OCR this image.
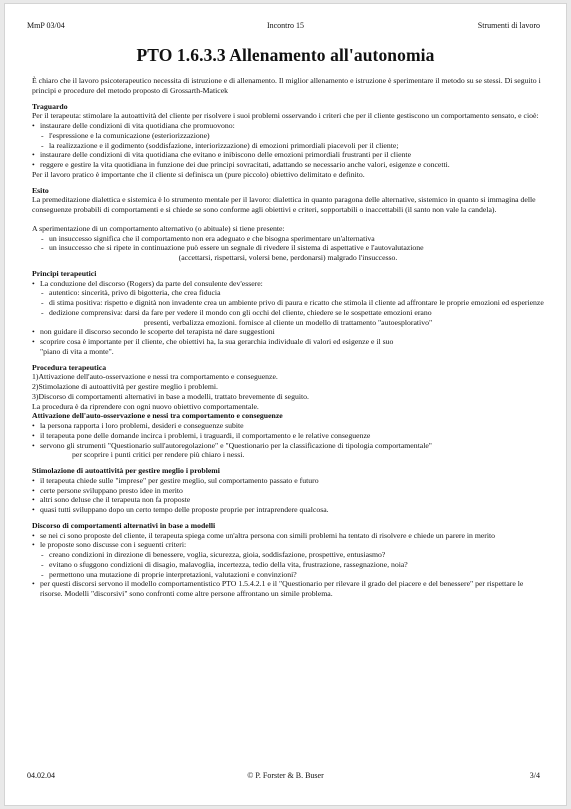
MmP 03/04	Incontro 15	Strumenti di lavoro
PTO 1.6.3.3 Allenamento all'autonomia

È chiaro che il lavoro psicoterapeutico necessita di istruzione e di allenamento. Il miglior allenamento e istruzione è sperimentare il metodo su se stessi. Di seguito i principi e procedure del metodo proposto di Grossarth-Maticek

Traguardo

Per il terapeuta: stimolare la autoattività del cliente per risolvere i suoi problemi osservando i criteri che per il cliente gestiscono un comportamento sensato, e cioè:

• instaurare delle condizioni di vita quotidiana che promuovono:

- l'espressione e la comunicazione (esteriorizzazione)

- la realizzazione e il godimento (soddisfazione, interiorizzazione) di emozioni primordiali piacevoli per il cliente;

• instaurare delle condizioni di vita quotidiana che evitano e inibiscono delle emozioni primordiali frustranti per il cliente

• reggere e gestire la vita quotidiana in funzione dei due principi sovracitati, adattando se necessario anche valori, esigenze e concetti.

Per il lavoro pratico è importante che il cliente si definisca un (pure piccolo) obiettivo delimitato e definito.

Esito

La premeditazione dialettica e sistemica è lo strumento mentale per il lavoro: dialettica in quanto paragona delle alternative, sistemico in quanto si immagina delle conseguenze probabili di comportamenti e si chiede se sono conforme agli obiettivi e criteri, sopportabili o inaccettabili (il santo non vale la candela).

A sperimentazione di un comportamento alternativo (o abituale) si tiene presente:

- un insuccesso significa che il comportamento non era adeguato e che bisogna sperimentare un'alternativa

- un insuccesso che si ripete in continuazione può essere un segnale di rivedere il sistema di aspettative e l'autovalutazione

(accettarsi, rispettarsi, volersi bene, perdonarsi) malgrado l'insuccesso.

Principi terapeutici

• La conduzione del discorso (Rogers) da parte del consulente dev'essere:

- autentico: sincerità, privo di bigotteria, che crea fiducia

- di stima positiva: rispetto e dignità non invadente crea un ambiente privo di paura e ricatto che stimola il cliente ad affrontare le proprie emozioni ed esperienze

- dedizione comprensiva: darsi da fare per vedere il mondo con gli occhi del cliente, chiedere se le sospettate emozioni erano

presenti, verbalizza emozioni. fornisce al cliente un modello di trattamento "autoesplorativo"

• non guidare il discorso secondo le scoperte del terapista né dare suggestioni

• scoprire cosa è importante per il cliente, che obiettivi ha, la sua gerarchia individuale di valori ed esigenze e il suo

"piano di vita a monte".

Procedura terapeutica

1)Attivazione dell'auto-osservazione e nessi tra comportamento e conseguenze.

2)Stimolazione di autoattività per gestire meglio i problemi.

3)Discorso di comportamenti alternativi in base a modelli, trattato brevemente di seguito.

La procedura è da riprendere con ogni nuovo obiettivo comportamentale.

Attivazione dell'auto-osservazione e nessi tra comportamento e conseguenze

• la persona rapporta i loro problemi, desideri e conseguenze subite

• il terapeuta pone delle domande incirca i problemi, i traguardi, il comportamento e le relative conseguenze

• servono gli strumenti "Questionario sull'autoregolazione" e "Questionario per la classificazione di tipologia comportamentale"

per scoprire i punti critici per rendere più chiaro i nessi.

Stimolazione di autoattività per gestire meglio i problemi

• il terapeuta chiede sulle "imprese" per gestire meglio, sul comportamento passato e futuro

• certe persone sviluppano presto idee in merito

• altri sono deluse che il terapeuta non fa proposte

• quasi tutti sviluppano dopo un certo tempo delle proposte proprie per intraprendere qualcosa.

Discorso di comportamenti alternativi in base a modelli

• se nei ci sono proposte del cliente, il terapeuta spiega come un'altra persona con simili problemi ha tentato di risolvere e chiede un parere in merito

• le proposte sono discusse con i seguenti criteri:

- creano condizioni in direzione di benessere, voglia, sicurezza, gioia, soddisfazione, prospettive, entusiasmo?

- evitano o sfuggono condizioni di disagio, malavoglia, incertezza, tedio della vita, frustrazione, rassegnazione, noia?

- permettono una mutazione di proprie interpretazioni, valutazioni e convinzioni?

• per questi discorsi servono il modello comportamentistico PTO 1.5.4.2.1 e il "Questionario per rilevare il grado del piacere e del benessere" per rispettare le risorse. Modelli "discorsivi" sono confronti come altre persone affrontano un simile problema.

04.02.04	© P. Forster & B. Buser	3/4
